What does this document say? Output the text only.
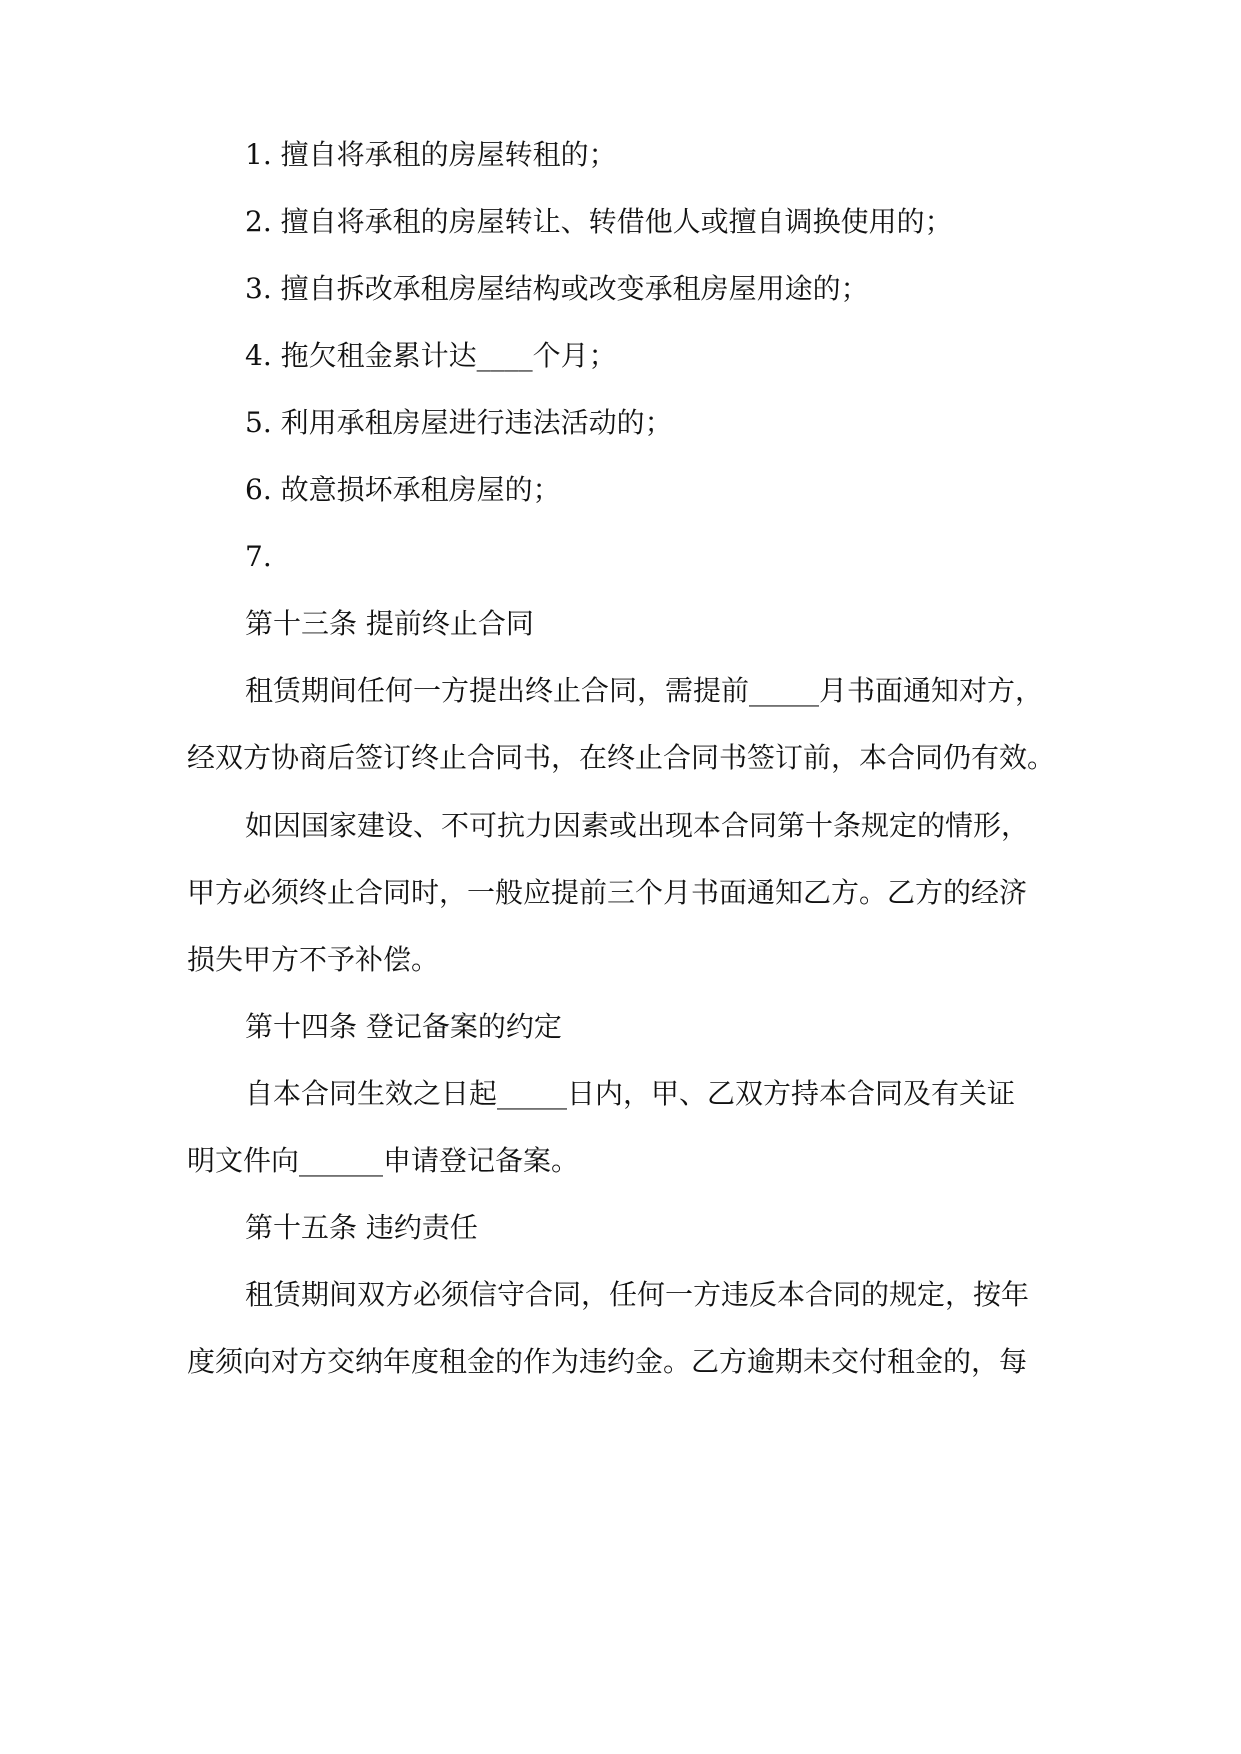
1. 擅自将承租的房屋转租的；
2. 擅自将承租的房屋转让、转借他人或擅自调换使用的；
3. 擅自拆改承租房屋结构或改变承租房屋用途的；
4. 拖欠租金累计达____个月；
5. 利用承租房屋进行违法活动的；
6. 故意损坏承租房屋的；
7.
第十三条 提前终止合同
租赁期间任何一方提出终止合同，需提前_____月书面通知对方，
经双方协商后签订终止合同书，在终止合同书签订前，本合同仍有效。
如因国家建设、不可抗力因素或出现本合同第十条规定的情形，
甲方必须终止合同时，一般应提前三个月书面通知乙方。乙方的经济
损失甲方不予补偿。
第十四条 登记备案的约定
自本合同生效之日起_____日内，甲、乙双方持本合同及有关证
明文件向______申请登记备案。
第十五条 违约责任
租赁期间双方必须信守合同，任何一方违反本合同的规定，按年
度须向对方交纳年度租金的作为违约金。乙方逾期未交付租金的，每
